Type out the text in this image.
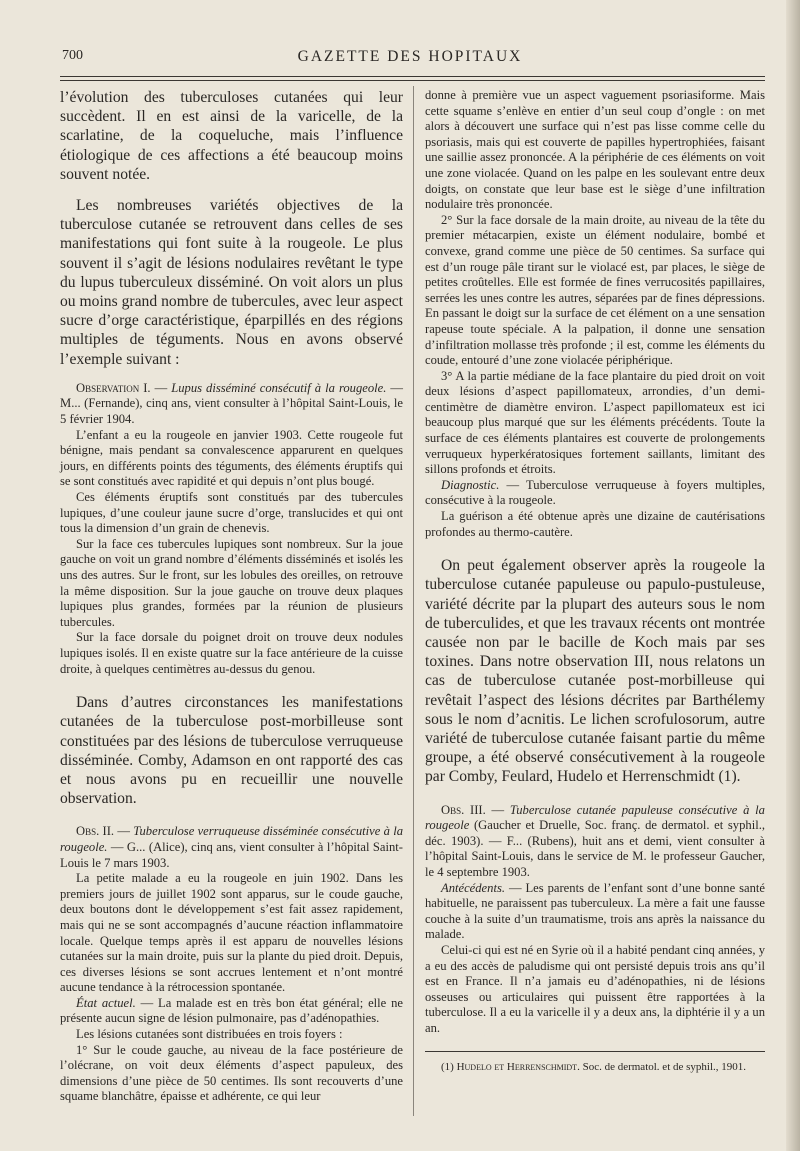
700	GAZETTE DES HOPITAUX

l’évolution des tuberculoses cutanées qui leur succèdent. Il en est ainsi de la varicelle, de la scarlatine, de la coqueluche, mais l’influence étiologique de ces affections a été beaucoup moins souvent notée.

Les nombreuses variétés objectives de la tuberculose cutanée se retrouvent dans celles de ses manifestations qui font suite à la rougeole. Le plus souvent il s’agit de lésions nodulaires revêtant le type du lupus tuberculeux disséminé. On voit alors un plus ou moins grand nombre de tubercules, avec leur aspect sucre d’orge caractéristique, éparpillés en des régions multiples de téguments. Nous en avons observé l’exemple suivant :

Observation I. — Lupus disséminé consécutif à la rougeole. — M... (Fernande), cinq ans, vient consulter à l’hôpital Saint-Louis, le 5 février 1904.

L’enfant a eu la rougeole en janvier 1903. Cette rougeole fut bénigne, mais pendant sa convalescence apparurent en quelques jours, en différents points des téguments, des éléments éruptifs qui se sont constitués avec rapidité et qui depuis n’ont plus bougé.

Ces éléments éruptifs sont constitués par des tubercules lupiques, d’une couleur jaune sucre d’orge, translucides et qui ont tous la dimension d’un grain de chenevis.

Sur la face ces tubercules lupiques sont nombreux. Sur la joue gauche on voit un grand nombre d’éléments disséminés et isolés les uns des autres. Sur le front, sur les lobules des oreilles, on retrouve la même disposition. Sur la joue gauche on trouve deux plaques lupiques plus grandes, formées par la réunion de plusieurs tubercules.

Sur la face dorsale du poignet droit on trouve deux nodules lupiques isolés. Il en existe quatre sur la face antérieure de la cuisse droite, à quelques centimètres au-dessus du genou.

Dans d’autres circonstances les manifestations cutanées de la tuberculose post-morbilleuse sont constituées par des lésions de tuberculose verruqueuse disséminée. Comby, Adamson en ont rapporté des cas et nous avons pu en recueillir une nouvelle observation.

Obs. II. — Tuberculose verruqueuse disséminée consécutive à la rougeole. — G... (Alice), cinq ans, vient consulter à l’hôpital Saint-Louis le 7 mars 1903.

La petite malade a eu la rougeole en juin 1902. Dans les premiers jours de juillet 1902 sont apparus, sur le coude gauche, deux boutons dont le développement s’est fait assez rapidement, mais qui ne se sont accompagnés d’aucune réaction inflammatoire locale. Quelque temps après il est apparu de nouvelles lésions cutanées sur la main droite, puis sur la plante du pied droit. Depuis, ces diverses lésions se sont accrues lentement et n’ont montré aucune tendance à la rétrocession spontanée.

État actuel. — La malade est en très bon état général; elle ne présente aucun signe de lésion pulmonaire, pas d’adénopathies.

Les lésions cutanées sont distribuées en trois foyers :

1° Sur le coude gauche, au niveau de la face postérieure de l’olécrane, on voit deux éléments d’aspect papuleux, des dimensions d’une pièce de 50 centimes. Ils sont recouverts d’une squame blanchâtre, épaisse et adhérente, ce qui leur

donne à première vue un aspect vaguement psoriasiforme. Mais cette squame s’enlève en entier d’un seul coup d’ongle : on met alors à découvert une surface qui n’est pas lisse comme celle du psoriasis, mais qui est couverte de papilles hypertrophiées, faisant une saillie assez prononcée. A la périphérie de ces éléments on voit une zone violacée. Quand on les palpe en les soulevant entre deux doigts, on constate que leur base est le siège d’une infiltration nodulaire très prononcée.

2° Sur la face dorsale de la main droite, au niveau de la tête du premier métacarpien, existe un élément nodulaire, bombé et convexe, grand comme une pièce de 50 centimes. Sa surface qui est d’un rouge pâle tirant sur le violacé est, par places, le siège de petites croûtelles. Elle est formée de fines verrucosités papillaires, serrées les unes contre les autres, séparées par de fines dépressions. En passant le doigt sur la surface de cet élément on a une sensation rapeuse toute spéciale. A la palpation, il donne une sensation d’infiltration mollasse très profonde ; il est, comme les éléments du coude, entouré d’une zone violacée périphérique.

3° A la partie médiane de la face plantaire du pied droit on voit deux lésions d’aspect papillomateux, arrondies, d’un demi-centimètre de diamètre environ. L’aspect papillomateux est ici beaucoup plus marqué que sur les éléments précédents. Toute la surface de ces éléments plantaires est couverte de prolongements verruqueux hyperkératosiques fortement saillants, limitant des sillons profonds et étroits.

Diagnostic. — Tuberculose verruqueuse à foyers multiples, consécutive à la rougeole.

La guérison a été obtenue après une dizaine de cautérisations profondes au thermo-cautère.

On peut également observer après la rougeole la tuberculose cutanée papuleuse ou papulo-pustuleuse, variété décrite par la plupart des auteurs sous le nom de tuberculides, et que les travaux récents ont montrée causée non par le bacille de Koch mais par ses toxines. Dans notre observation III, nous relatons un cas de tuberculose cutanée post-morbilleuse qui revêtait l’aspect des lésions décrites par Barthélemy sous le nom d’acnitis. Le lichen scrofulosorum, autre variété de tuberculose cutanée faisant partie du même groupe, a été observé consécutivement à la rougeole par Comby, Feulard, Hudelo et Herrenschmidt (1).

Obs. III. — Tuberculose cutanée papuleuse consécutive à la rougeole (Gaucher et Druelle, Soc. franç. de dermatol. et syphil., déc. 1903). — F... (Rubens), huit ans et demi, vient consulter à l’hôpital Saint-Louis, dans le service de M. le professeur Gaucher, le 4 septembre 1903.

Antécédents. — Les parents de l’enfant sont d’une bonne santé habituelle, ne paraissent pas tuberculeux. La mère a fait une fausse couche à la suite d’un traumatisme, trois ans après la naissance du malade.

Celui-ci qui est né en Syrie où il a habité pendant cinq années, y a eu des accès de paludisme qui ont persisté depuis trois ans qu’il est en France. Il n’a jamais eu d’adénopathies, ni de lésions osseuses ou articulaires qui puissent être rapportées à la tuberculose. Il a eu la varicelle il y a deux ans, la diphtérie il y a un an.

(1) Hudelo et Herrenschmidt. Soc. de dermatol. et de syphil., 1901.
